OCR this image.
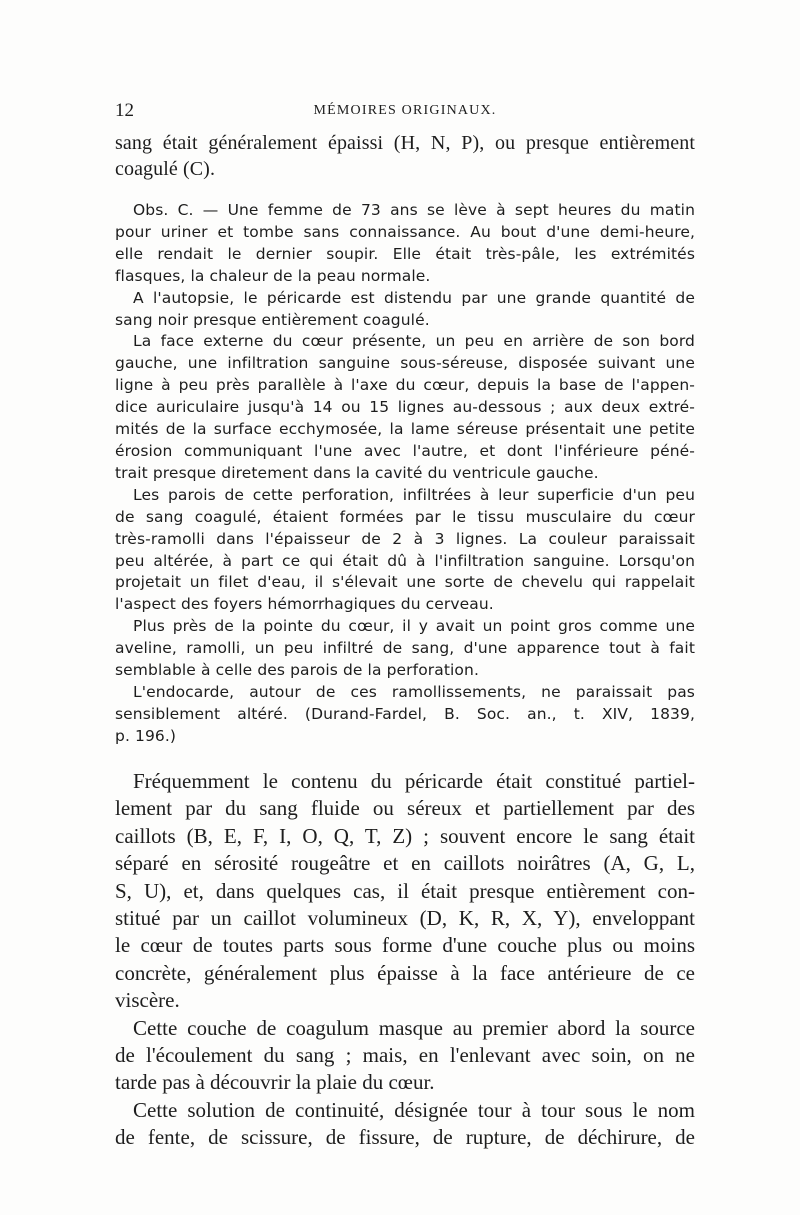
12	MÉMOIRES ORIGINAUX.
sang était généralement épaissi (H, N, P), ou presque entièrement
coagulé (C).
Obs. C. — Une femme de 73 ans se lève à sept heures du matin
pour uriner et tombe sans connaissance. Au bout d'une demi-heure,
elle rendait le dernier soupir. Elle était très-pâle, les extrémités
flasques, la chaleur de la peau normale.
A l'autopsie, le péricarde est distendu par une grande quantité de
sang noir presque entièrement coagulé.
La face externe du cœur présente, un peu en arrière de son bord
gauche, une infiltration sanguine sous-séreuse, disposée suivant une
ligne à peu près parallèle à l'axe du cœur, depuis la base de l'appen-
dice auriculaire jusqu'à 14 ou 15 lignes au-dessous ; aux deux extré-
mités de la surface ecchymosée, la lame séreuse présentait une petite
érosion communiquant l'une avec l'autre, et dont l'inférieure péné-
trait presque diretement dans la cavité du ventricule gauche.
Les parois de cette perforation, infiltrées à leur superficie d'un peu
de sang coagulé, étaient formées par le tissu musculaire du cœur
très-ramolli dans l'épaisseur de 2 à 3 lignes. La couleur paraissait
peu altérée, à part ce qui était dû à l'infiltration sanguine. Lorsqu'on
projetait un filet d'eau, il s'élevait une sorte de chevelu qui rappelait
l'aspect des foyers hémorrhagiques du cerveau.
Plus près de la pointe du cœur, il y avait un point gros comme une
aveline, ramolli, un peu infiltré de sang, d'une apparence tout à fait
semblable à celle des parois de la perforation.
L'endocarde, autour de ces ramollissements, ne paraissait pas
sensiblement altéré. (Durand-Fardel, B. Soc. an., t. XIV, 1839,
p. 196.)
Fréquemment le contenu du péricarde était constitué partiel-
lement par du sang fluide ou séreux et partiellement par des
caillots (B, E, F, I, O, Q, T, Z) ; souvent encore le sang était
séparé en sérosité rougeâtre et en caillots noirâtres (A, G, L,
S, U), et, dans quelques cas, il était presque entièrement con-
stitué par un caillot volumineux (D, K, R, X, Y), enveloppant
le cœur de toutes parts sous forme d'une couche plus ou moins
concrète, généralement plus épaisse à la face antérieure de ce
viscère.
Cette couche de coagulum masque au premier abord la source
de l'écoulement du sang ; mais, en l'enlevant avec soin, on ne
tarde pas à découvrir la plaie du cœur.
Cette solution de continuité, désignée tour à tour sous le nom
de fente, de scissure, de fissure, de rupture, de déchirure, de
